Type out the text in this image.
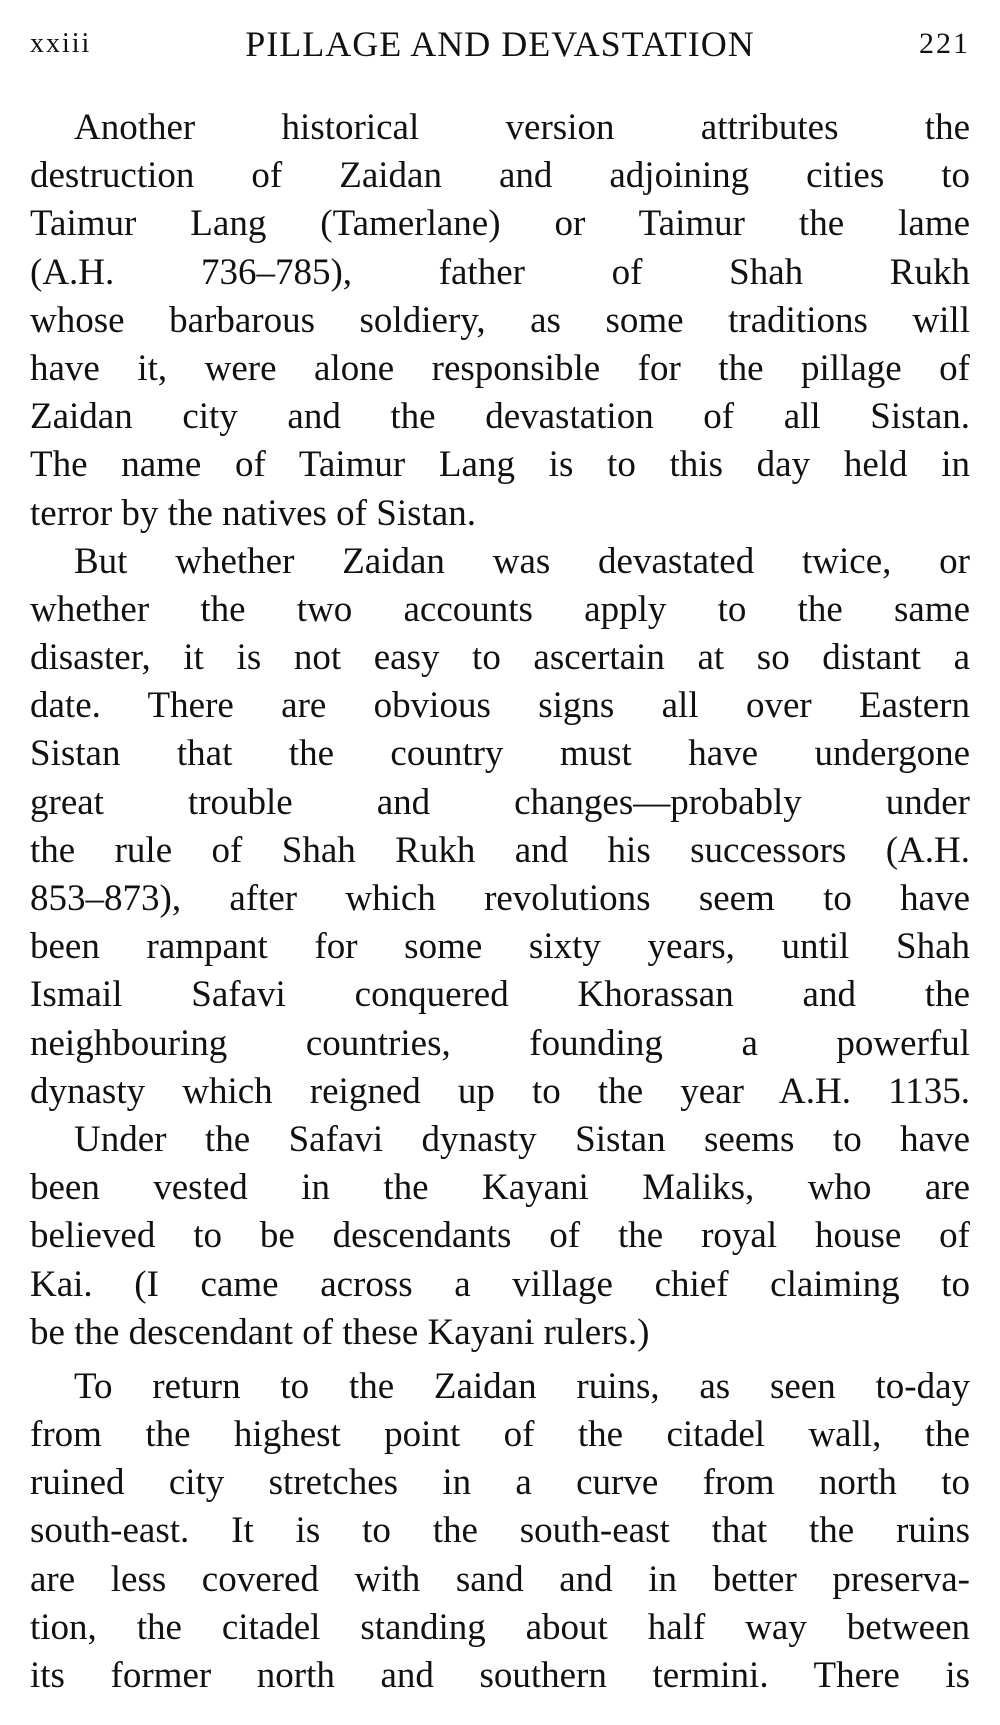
xxiii	PILLAGE AND DEVASTATION	221
Another historical version attributes the
destruction of Zaidan and adjoining cities to
Taimur Lang (Tamerlane) or Taimur the lame
(A.H. 736–785), father of Shah Rukh
whose barbarous soldiery, as some traditions will
have it, were alone responsible for the pillage of
Zaidan city and the devastation of all Sistan.
The name of Taimur Lang is to this day held in
terror by the natives of Sistan.
But whether Zaidan was devastated twice, or
whether the two accounts apply to the same
disaster, it is not easy to ascertain at so distant a
date. There are obvious signs all over Eastern
Sistan that the country must have undergone
great trouble and changes—probably under
the rule of Shah Rukh and his successors (A.H.
853–873), after which revolutions seem to have
been rampant for some sixty years, until Shah
Ismail Safavi conquered Khorassan and the
neighbouring countries, founding a powerful
dynasty which reigned up to the year A.H. 1135.
Under the Safavi dynasty Sistan seems to have
been vested in the Kayani Maliks, who are
believed to be descendants of the royal house of
Kai. (I came across a village chief claiming to
be the descendant of these Kayani rulers.)
To return to the Zaidan ruins, as seen to-day
from the highest point of the citadel wall, the
ruined city stretches in a curve from north to
south-east. It is to the south-east that the ruins
are less covered with sand and in better preserva-
tion, the citadel standing about half way between
its former north and southern termini. There is
